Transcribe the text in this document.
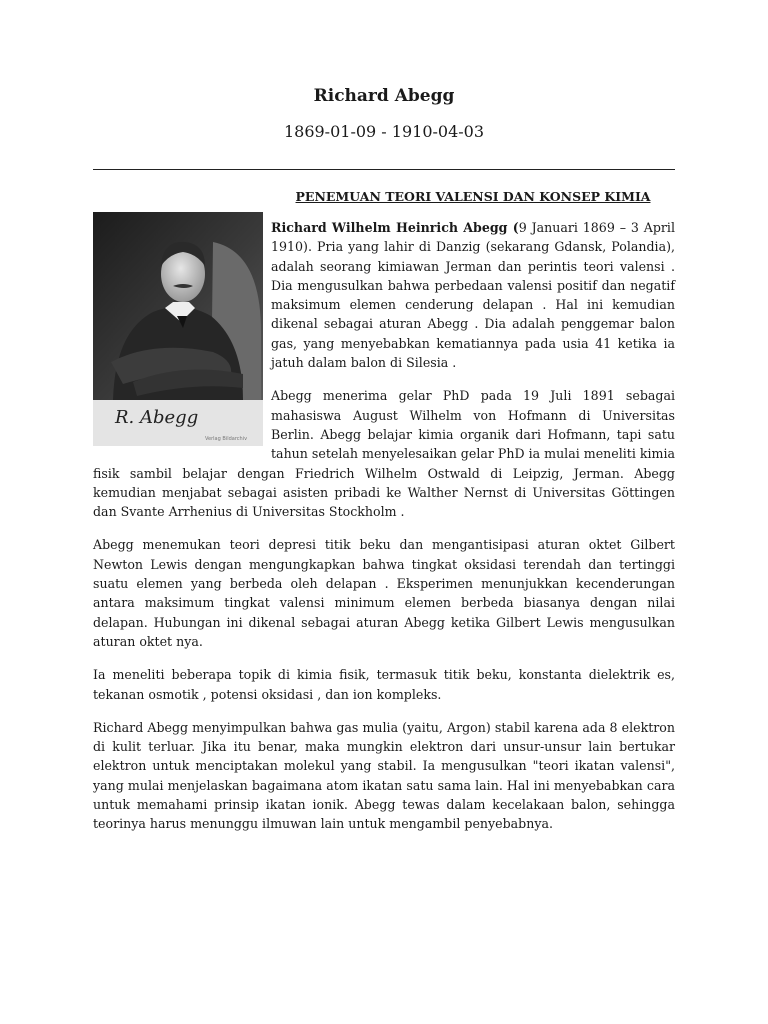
Richard Abegg
1869-01-09 - 1910-04-03
PENEMUAN TEORI VALENSI DAN KONSEP KIMIA
Verlag Bildarchiv
R. Abegg

Richard Wilhelm Heinrich Abegg (9 Januari 1869 – 3 April 1910). Pria yang lahir di Danzig (sekarang Gdansk, Polandia), adalah seorang kimiawan Jerman dan perintis teori valensi . Dia mengusulkan bahwa perbedaan valensi positif dan negatif maksimum elemen cenderung delapan . Hal ini kemudian dikenal sebagai aturan Abegg . Dia adalah penggemar balon gas, yang menyebabkan kematiannya pada usia 41 ketika ia jatuh dalam balon di Silesia .

Abegg menerima gelar PhD pada 19 Juli 1891 sebagai mahasiswa August Wilhelm von Hofmann di Universitas Berlin. Abegg belajar kimia organik dari Hofmann, tapi satu tahun setelah menyelesaikan gelar PhD ia mulai meneliti kimia fisik sambil belajar dengan Friedrich Wilhelm Ostwald di Leipzig, Jerman. Abegg kemudian menjabat sebagai asisten pribadi ke Walther Nernst di Universitas Göttingen dan Svante Arrhenius di Universitas Stockholm .

Abegg menemukan teori depresi titik beku dan mengantisipasi aturan oktet Gilbert Newton Lewis dengan mengungkapkan bahwa tingkat oksidasi terendah dan tertinggi suatu elemen yang berbeda oleh delapan . Eksperimen menunjukkan kecenderungan antara maksimum tingkat valensi minimum elemen berbeda biasanya dengan nilai delapan. Hubungan ini dikenal sebagai aturan Abegg ketika Gilbert Lewis mengusulkan aturan oktet nya.

Ia meneliti beberapa topik di kimia fisik, termasuk titik beku, konstanta dielektrik es, tekanan osmotik , potensi oksidasi , dan ion kompleks.

Richard Abegg menyimpulkan bahwa gas mulia (yaitu, Argon) stabil karena ada 8 elektron di kulit terluar. Jika itu benar, maka mungkin elektron dari unsur-unsur lain bertukar elektron untuk menciptakan molekul yang stabil. Ia mengusulkan "teori ikatan valensi", yang mulai menjelaskan bagaimana atom ikatan satu sama lain. Hal ini menyebabkan cara untuk memahami prinsip ikatan ionik. Abegg tewas dalam kecelakaan balon, sehingga teorinya harus menunggu ilmuwan lain untuk mengambil penyebabnya.
